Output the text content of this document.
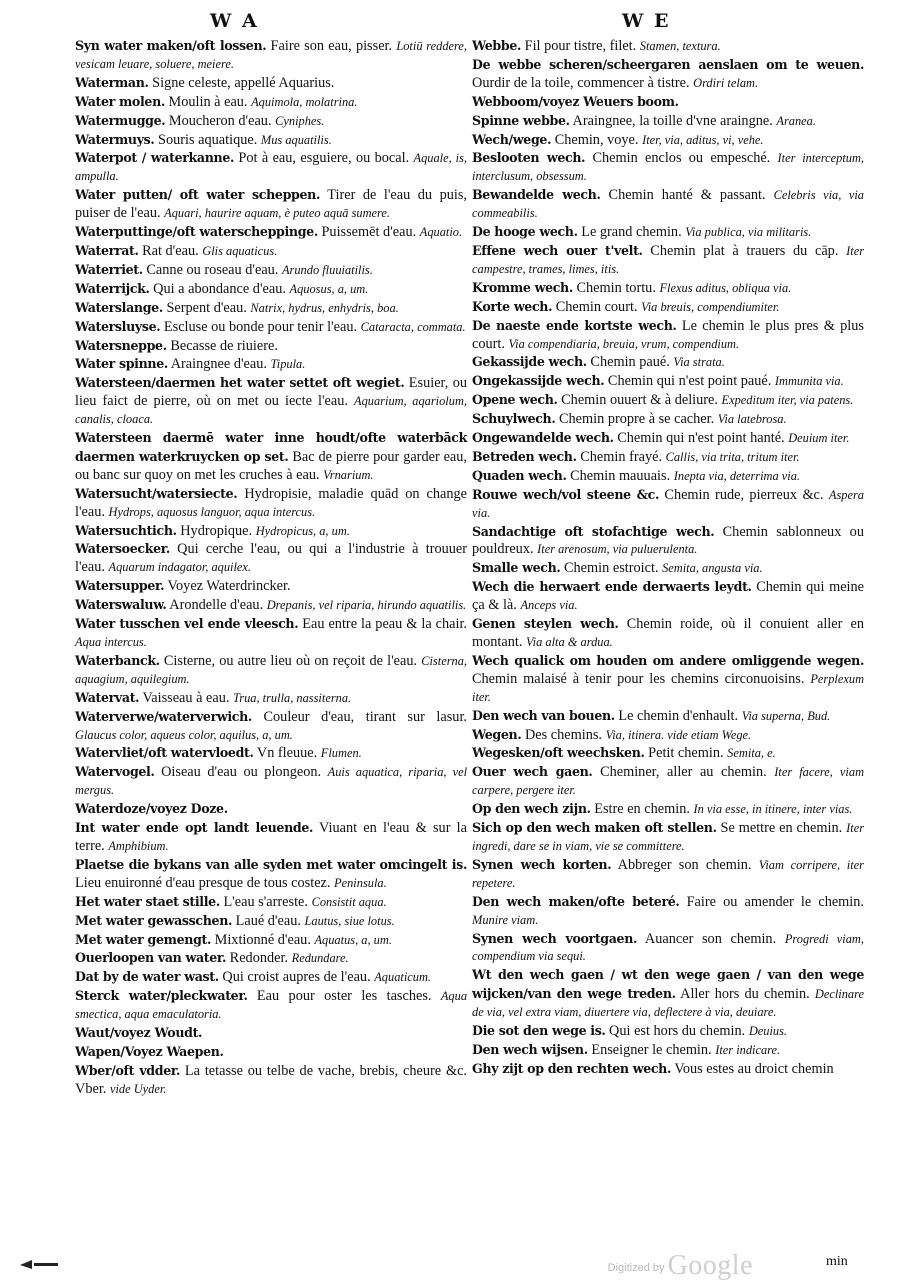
W A	W E
Syn water maken/oft lossen. Faire son eau, pisser. Lotiū reddere, vesicam leuare, soluere, meiere.
Waterman. Signe celeste, appellé Aquarius.
Water molen. Moulin à eau. Aquimola, molatrina.
Watermugge. Moucheron d'eau. Cyniphes.
Watermuys. Souris aquatique. Mus aquatilis.
Waterpot / waterkanne. Pot à eau, esguiere, ou bocal. Aquale, is, ampulla.
Water putten/ oft water scheppen. Tirer de l'eau du puis, puiser de l'eau. Aquari, haurire aquam, è puteo aquā sumere.
Waterputtinge/oft waterscheppinge. Puissemēt d'eau. Aquatio.
Waterrat. Rat d'eau. Glis aquaticus.
Waterriet. Canne ou roseau d'eau. Arundo fluuiatilis.
Waterrijck. Qui a abondance d'eau. Aquosus, a, um.
Waterslange. Serpent d'eau. Natrix, hydrus, enhydris, boa.
Watersluyse. Escluse ou bonde pour tenir l'eau. Cataracta, commata.
Watersneppe. Becasse de riuiere.
Water spinne. Araingnee d'eau. Tipula.
Watersteen/daermen het water settet oft wegiet. Esuier, ou lieu faict de pierre, où on met ou iecte l'eau. Aquarium, aqariolum, canalis, cloaca.
Watersteen daermē water inne houdt/ofte waterbāck daermen waterkruycken op set. Bac de pierre pour garder eau, ou banc sur quoy on met les cruches à eau. Vrnarium.
Watersucht/watersiecte. Hydropisie, maladie quād on change l'eau. Hydrops, aquosus languor, aqua intercus.
Watersuchtich. Hydropique. Hydropicus, a, um.
Watersoecker. Qui cerche l'eau, ou qui a l'industrie à trouuer l'eau. Aquarum indagator, aquilex.
Watersupper. Voyez Waterdrincker.
Waterswaluw. Arondelle d'eau. Drepanis, vel riparia, hirundo aquatilis.
Water tusschen vel ende vleesch. Eau entre la peau & la chair. Aqua intercus.
Waterbanck. Cisterne, ou autre lieu où on reçoit de l'eau. Cisterna, aquagium, aquilegium.
Watervat. Vaisseau à eau. Trua, trulla, nassiterna.
Waterverwe/waterverwich. Couleur d'eau, tirant sur lasur. Glaucus color, aqueus color, aquilus, a, um.
Watervliet/oft watervloedt. Vn fleuue. Flumen.
Watervogel. Oiseau d'eau ou plongeon. Auis aquatica, riparia, vel mergus.
Waterdoze/voyez Doze.
Int water ende opt landt leuende. Viuant en l'eau & sur la terre. Amphibium.
Plaetse die bykans van alle syden met water omcingelt is. Lieu enuironné d'eau presque de tous costez. Peninsula.
Het water staet stille. L'eau s'arreste. Consistit aqua.
Met water gewasschen. Laué d'eau. Lautus, siue lotus.
Met water gemengt. Mixtionné d'eau. Aquatus, a, um.
Ouerloopen van water. Redonder. Redundare.
Dat by de water wast. Qui croist aupres de l'eau. Aquaticum.
Sterck water/pleckwater. Eau pour oster les tasches. Aqua smectica, aqua emaculatoria.
Waut/voyez Woudt.
Wapen/Voyez Waepen.
Wber/oft vdder. La tetasse ou telbe de vache, brebis, cheure &c. Vber. vide Uyder.
Webbe. Fil pour tistre, filet. Stamen, textura.
De webbe scheren/scheergaren aenslaen om te weuen. Ourdir de la toile, commencer à tistre. Ordiri telam.
Webboom/voyez Weuers boom.
Spinne webbe. Araingnee, la toille d'vne araingne. Aranea.
Wech/wege. Chemin, voye. Iter, via, aditus, vi, vehe.
Beslooten wech. Chemin enclos ou empesché. Iter interceptum, interclusum, obsessum.
Bewandelde wech. Chemin hanté & passant. Celebris via, via commeabilis.
De hooge wech. Le grand chemin. Via publica, via militaris.
Effene wech ouer t'velt. Chemin plat à trauers du cāp. Iter campestre, trames, limes, itis.
Kromme wech. Chemin tortu. Flexus aditus, obliqua via.
Korte wech. Chemin court. Via breuis, compendiumiter.
De naeste ende kortste wech. Le chemin le plus pres & plus court. Via compendiaria, breuia, vrum, compendium.
Gekassijde wech. Chemin paué. Via strata.
Ongekassijde wech. Chemin qui n'est point paué. Immunita via.
Opene wech. Chemin ouuert & à deliure. Expeditum iter, via patens.
Schuylwech. Chemin propre à se cacher. Via latebrosa.
Ongewandelde wech. Chemin qui n'est point hanté. Deuium iter.
Betreden wech. Chemin frayé. Callis, via trita, tritum iter.
Quaden wech. Chemin mauuais. Inepta via, deterrima via.
Rouwe wech/vol steene &c. Chemin rude, pierreux &c. Aspera via.
Sandachtige oft stofachtige wech. Chemin sablonneux ou pouldreux. Iter arenosum, via puluerulenta.
Smalle wech. Chemin estroict. Semita, angusta via.
Wech die herwaert ende derwaerts leydt. Chemin qui meine ça & là. Anceps via.
Genen steylen wech. Chemin roide, où il conuient aller en montant. Via alta & ardua.
Wech qualick om houden om andere omliggende wegen. Chemin malaisé à tenir pour les chemins circonuoisins. Perplexum iter.
Den wech van bouen. Le chemin d'enhault. Via superna, Bud.
Wegen. Des chemins. Via, itinera. vide etiam Wege.
Wegesken/oft weechsken. Petit chemin. Semita, e.
Ouer wech gaen. Cheminer, aller au chemin. Iter facere, viam carpere, pergere iter.
Op den wech zijn. Estre en chemin. In via esse, in itinere, inter vias.
Sich op den wech maken oft stellen. Se mettre en chemin. Iter ingredi, dare se in viam, vie se committere.
Synen wech korten. Abbreger son chemin. Viam corripere, iter repetere.
Den wech maken/ofte beteré. Faire ou amender le chemin. Munire viam.
Synen wech voortgaen. Auancer son chemin. Progredi viam, compendium via sequi.
Wt den wech gaen / wt den wege gaen / van den wege wijcken/van den wege treden. Aller hors du chemin. Declinare de via, vel extra viam, diuertere via, deflectere à via, deuiare.
Die sot den wege is. Qui est hors du chemin. Deuius.
Den wech wijsen. Enseigner le chemin. Iter indicare.
Ghy zijt op den rechten wech. Vous estes au droict chemin
Digitized by Google	min
